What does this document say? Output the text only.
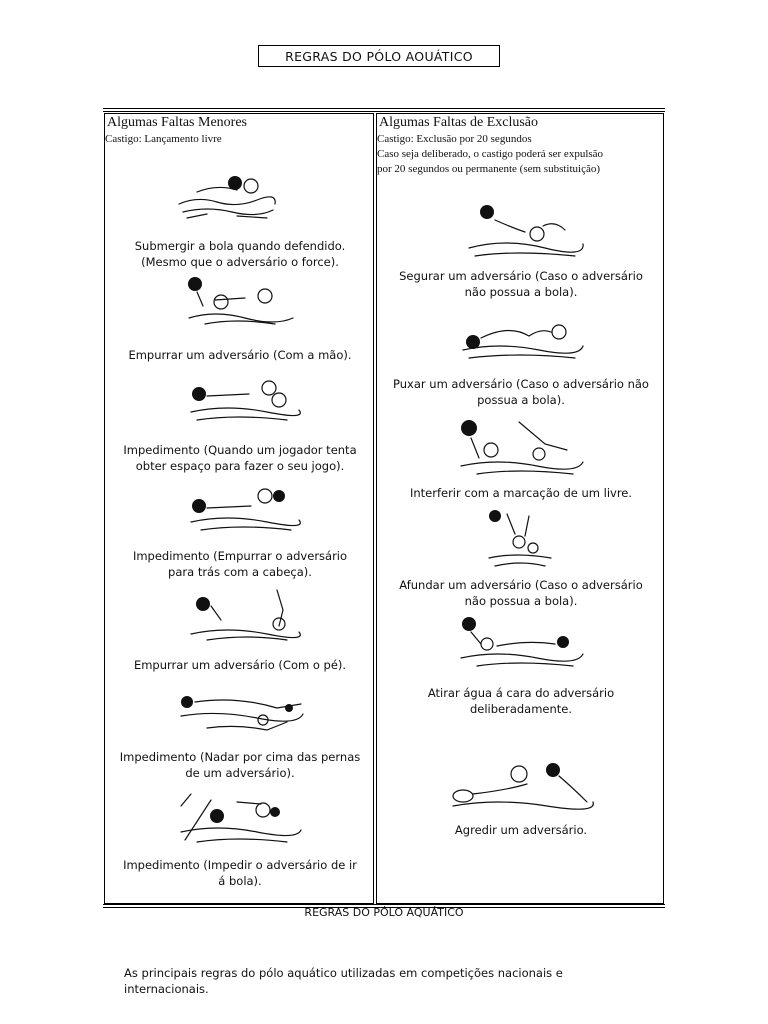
REGRAS DO PÓLO AOUÁTICO
Algumas Faltas Menores
Castigo: Lançamento livre
Submergir a bola quando defendido.
(Mesmo que o adversário o force).
Empurrar um adversário (Com a mão).
Impedimento (Quando um jogador tenta
obter espaço para fazer o seu jogo).
Impedimento (Empurrar o adversário
para trás com a cabeça).
Empurrar um adversário (Com o pé).
Impedimento (Nadar por cima das pernas
de um adversário).
Impedimento (Impedir o adversário de ir
á bola).
Algumas Faltas de Exclusão
Castigo: Exclusão por 20 segundos
Caso seja deliberado, o castigo poderá ser expulsão
por 20 segundos ou permanente (sem substituição)
Segurar um adversário (Caso o adversário
não possua a bola).
Puxar um adversário (Caso o adversário não
possua a bola).
Interferir com a marcação de um livre.
Afundar um adversário (Caso o adversário
não possua a bola).
Atirar água á cara do adversário
deliberadamente.
Agredir um adversário.
REGRAS DO PÓLO AQUÁTICO
As principais regras do pólo aquático utilizadas em competições nacionais e internacionais.
